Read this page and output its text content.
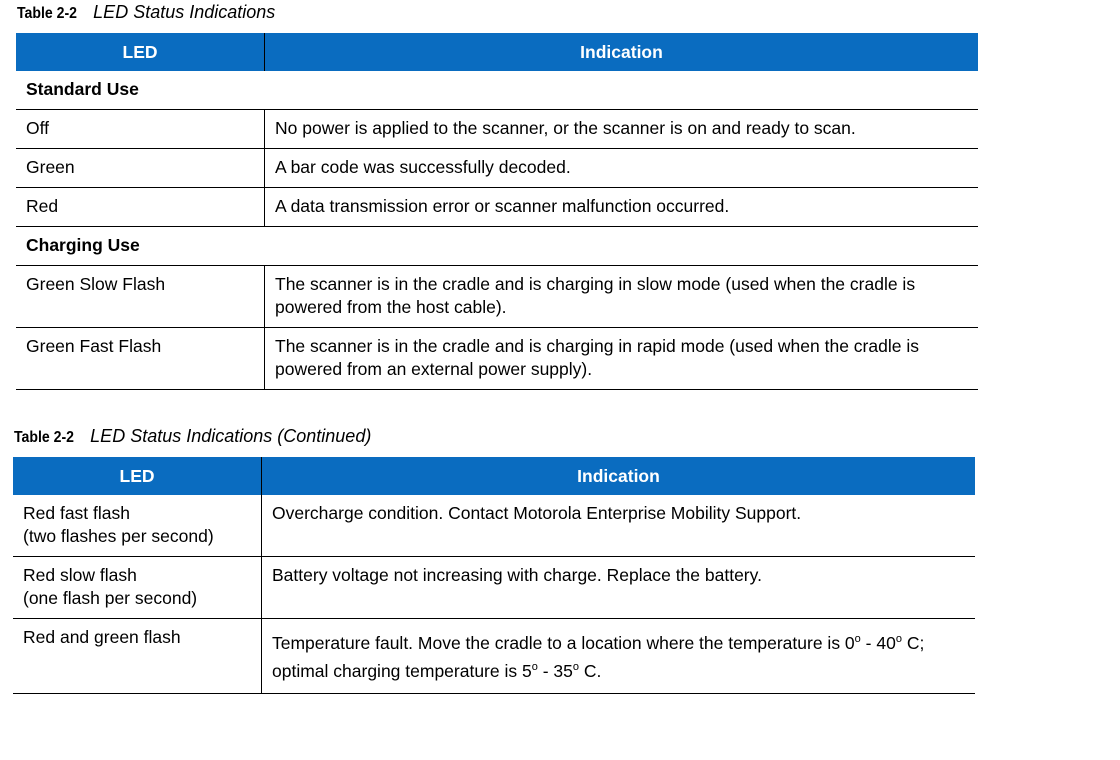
Table 2-2 LED Status Indications
LED	Indication
Standard Use	
Off	No power is applied to the scanner, or the scanner is on and ready to scan.
Green	A bar code was successfully decoded.
Red	A data transmission error or scanner malfunction occurred.
Charging Use	
Green Slow Flash	The scanner is in the cradle and is charging in slow mode (used when the cradle is
powered from the host cable).
Green Fast Flash	The scanner is in the cradle and is charging in rapid mode (used when the cradle is
powered from an external power supply).
Table 2-2 LED Status Indications (Continued)
LED	Indication
Red fast flash
(two flashes per second)	Overcharge condition. Contact Motorola Enterprise Mobility Support.
Red slow flash
(one flash per second)	Battery voltage not increasing with charge. Replace the battery.
Red and green flash	Temperature fault. Move the cradle to a location where the temperature is 0$^o$ - 40$^o$ C;
optimal charging temperature is 5$^o$ - 35$^o$ C.
